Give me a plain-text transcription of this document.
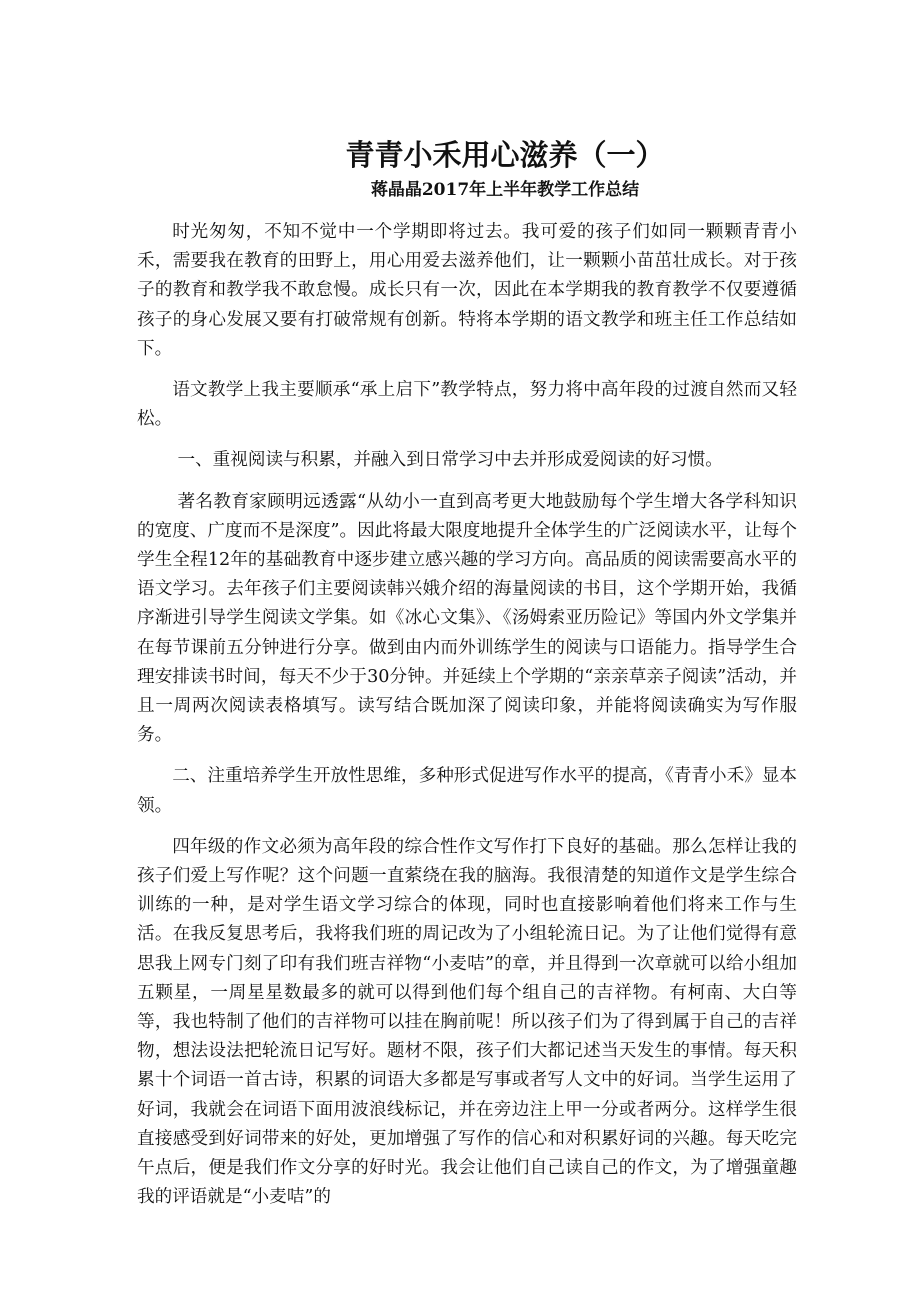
青青小禾用心滋养（一）
蒋晶晶2017年上半年教学工作总结

时光匆匆，不知不觉中一个学期即将过去。我可爱的孩子们如同一颗颗青青小禾，需要我在教育的田野上，用心用爱去滋养他们，让一颗颗小苗茁壮成长。对于孩子的教育和教学我不敢怠慢。成长只有一次，因此在本学期我的教育教学不仅要遵循孩子的身心发展又要有打破常规有创新。特将本学期的语文教学和班主任工作总结如下。

语文教学上我主要顺承“承上启下”教学特点，努力将中高年段的过渡自然而又轻松。

一、重视阅读与积累，并融入到日常学习中去并形成爱阅读的好习惯。

著名教育家顾明远透露“从幼小一直到高考更大地鼓励每个学生增大各学科知识的宽度、广度而不是深度”。因此将最大限度地提升全体学生的广泛阅读水平，让每个学生全程12年的基础教育中逐步建立感兴趣的学习方向。高品质的阅读需要高水平的语文学习。去年孩子们主要阅读韩兴娥介绍的海量阅读的书目，这个学期开始，我循序渐进引导学生阅读文学集。如《冰心文集》、《汤姆索亚历险记》等国内外文学集并在每节课前五分钟进行分享。做到由内而外训练学生的阅读与口语能力。指导学生合理安排读书时间，每天不少于30分钟。并延续上个学期的“亲亲草亲子阅读”活动，并且一周两次阅读表格填写。读写结合既加深了阅读印象，并能将阅读确实为写作服务。

二、注重培养学生开放性思维，多种形式促进写作水平的提高，《青青小禾》显本领。

四年级的作文必须为高年段的综合性作文写作打下良好的基础。那么怎样让我的孩子们爱上写作呢？这个问题一直萦绕在我的脑海。我很清楚的知道作文是学生综合训练的一种，是对学生语文学习综合的体现，同时也直接影响着他们将来工作与生活。在我反复思考后，我将我们班的周记改为了小组轮流日记。为了让他们觉得有意思我上网专门刻了印有我们班吉祥物“小麦咭”的章，并且得到一次章就可以给小组加五颗星，一周星星数最多的就可以得到他们每个组自己的吉祥物。有柯南、大白等等，我也特制了他们的吉祥物可以挂在胸前呢！所以孩子们为了得到属于自己的吉祥物，想法设法把轮流日记写好。题材不限，孩子们大都记述当天发生的事情。每天积累十个词语一首古诗，积累的词语大多都是写事或者写人文中的好词。当学生运用了好词，我就会在词语下面用波浪线标记，并在旁边注上甲一分或者两分。这样学生很直接感受到好词带来的好处，更加增强了写作的信心和对积累好词的兴趣。每天吃完午点后，便是我们作文分享的好时光。我会让他们自己读自己的作文，为了增强童趣我的评语就是“小麦咭”的
